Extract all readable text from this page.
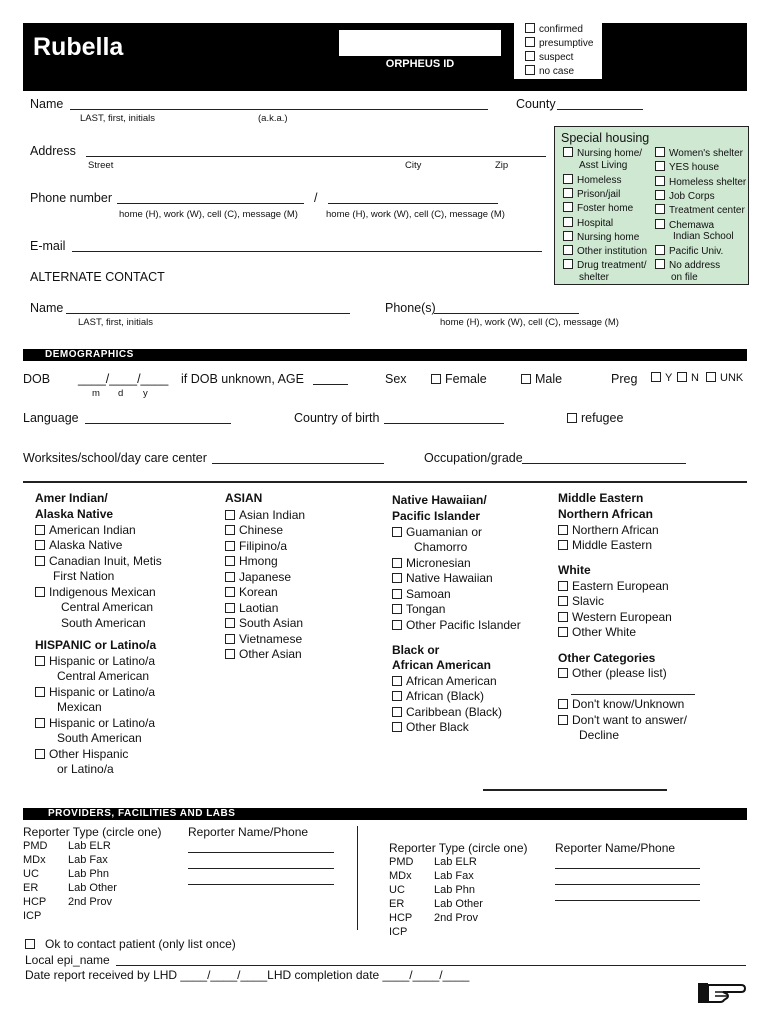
Rubella
ORPHEUS ID
confirmed
presumptive
suspect
no case
Name
LAST, first, initials	(a.k.a.)
County
Address
Street	City	Zip
Phone number	/
home (H), work (W), cell (C), message (M)	home (H), work (W), cell (C), message (M)
E-mail
ALTERNATE CONTACT
Name
LAST, first, initials
Phone(s)
home (H), work (W), cell (C), message (M)
Special housing
Nursing home/
Asst Living
Homeless
Prison/jail
Foster home
Hospital
Nursing home
Other institution
Drug treatment/
shelter
Women's shelter
YES house
Homeless shelter
Job Corps
Treatment center
Chemawa
Indian School
Pacific Univ.
No address
on file
DEMOGRAPHICS
DOB ____/____/____
m d y
if DOB unknown, AGE	Sex	Female	Male	Preg	Y	N	UNK
Language	Country of birth	refugee
Worksites/school/day care center	Occupation/grade
Amer Indian/
Alaska Native
American Indian
Alaska Native
Canadian Inuit, Metis
First Nation
Indigenous Mexican
Central American
South American
HISPANIC or Latino/a
Hispanic or Latino/a
Central American
Hispanic or Latino/a
Mexican
Hispanic or Latino/a
South American
Other Hispanic
or Latino/a
ASIAN
Asian Indian
Chinese
Filipino/a
Hmong
Japanese
Korean
Laotian
South Asian
Vietnamese
Other Asian
Native Hawaiian/
Pacific Islander
Guamanian or
Chamorro
Micronesian
Native Hawaiian
Samoan
Tongan
Other Pacific Islander
Black or
African American
African American
African (Black)
Caribbean (Black)
Other Black
Middle Eastern
Northern African
Northern African
Middle Eastern
White
Eastern European
Slavic
Western European
Other White
Other Categories
Other (please list)
Don't know/Unknown
Don't want to answer/
Decline
PROVIDERS, FACILITIES AND LABS
Reporter Type (circle one) Reporter Name/Phone
PMD
MDx
UC
ER
HCP
ICP
Lab ELR
Lab Fax
Lab Phn
Lab Other
2nd Prov
Reporter Type (circle one) Reporter Name/Phone
PMD
MDx
UC
ER
HCP
ICP
Lab ELR
Lab Fax
Lab Phn
Lab Other
2nd Prov
Ok to contact patient (only list once)
Local epi_name
Date report received by LHD ____/____/____LHD completion date ____/____/____
